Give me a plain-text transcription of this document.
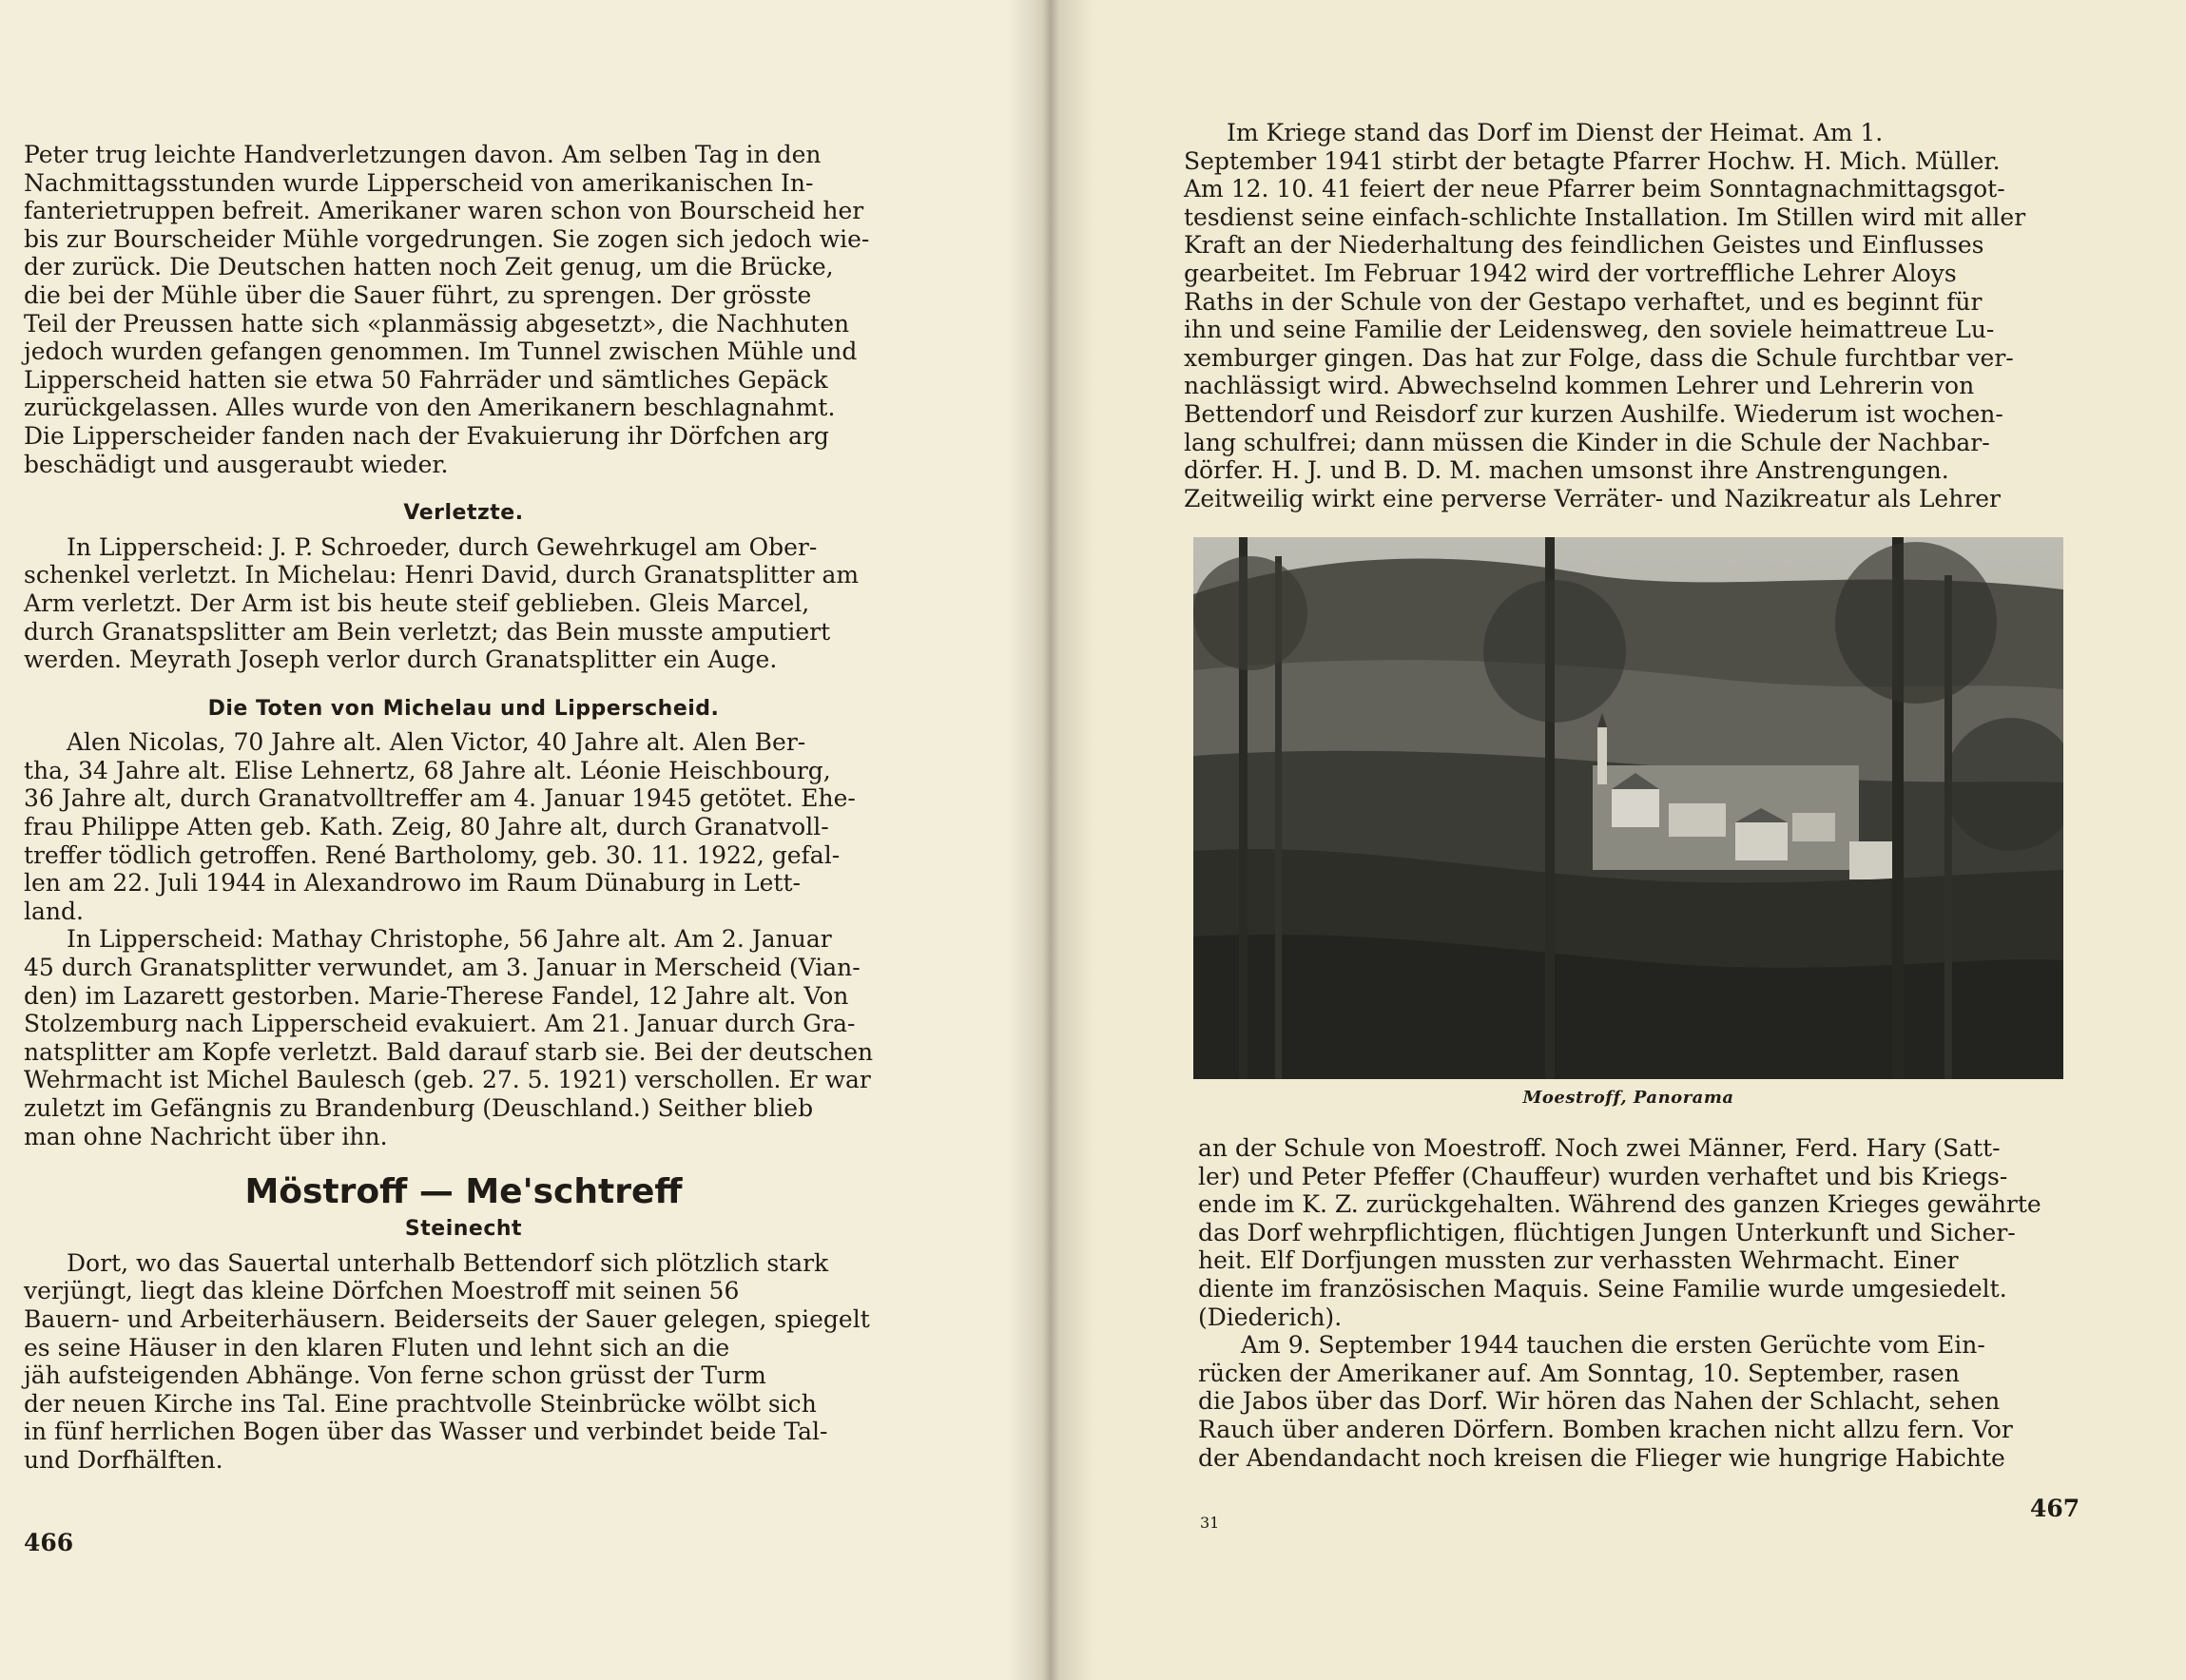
Peter trug leichte Handverletzungen davon. Am selben Tag in den
Nachmittagsstunden wurde Lipperscheid von amerikanischen In-
fanterietruppen befreit. Amerikaner waren schon von Bourscheid her
bis zur Bourscheider Mühle vorgedrungen. Sie zogen sich jedoch wie-
der zurück. Die Deutschen hatten noch Zeit genug, um die Brücke,
die bei der Mühle über die Sauer führt, zu sprengen. Der grösste
Teil der Preussen hatte sich «planmässig abgesetzt», die Nachhuten
jedoch wurden gefangen genommen. Im Tunnel zwischen Mühle und
Lipperscheid hatten sie etwa 50 Fahrräder und sämtliches Gepäck
zurückgelassen. Alles wurde von den Amerikanern beschlagnahmt.
Die Lipperscheider fanden nach der Evakuierung ihr Dörfchen arg
beschädigt und ausgeraubt wieder.

Verletzte.

In Lipperscheid: J. P. Schroeder, durch Gewehrkugel am Ober-
schenkel verletzt. In Michelau: Henri David, durch Granatsplitter am
Arm verletzt. Der Arm ist bis heute steif geblieben. Gleis Marcel,
durch Granatspslitter am Bein verletzt; das Bein musste amputiert
werden. Meyrath Joseph verlor durch Granatsplitter ein Auge.

Die Toten von Michelau und Lipperscheid.

Alen Nicolas, 70 Jahre alt. Alen Victor, 40 Jahre alt. Alen Ber-
tha, 34 Jahre alt. Elise Lehnertz, 68 Jahre alt. Léonie Heischbourg,
36 Jahre alt, durch Granatvolltreffer am 4. Januar 1945 getötet. Ehe-
frau Philippe Atten geb. Kath. Zeig, 80 Jahre alt, durch Granatvoll-
treffer tödlich getroffen. René Bartholomy, geb. 30. 11. 1922, gefal-
len am 22. Juli 1944 in Alexandrowo im Raum Dünaburg in Lett-
land.

In Lipperscheid: Mathay Christophe, 56 Jahre alt. Am 2. Januar
45 durch Granatsplitter verwundet, am 3. Januar in Merscheid (Vian-
den) im Lazarett gestorben. Marie-Therese Fandel, 12 Jahre alt. Von
Stolzemburg nach Lipperscheid evakuiert. Am 21. Januar durch Gra-
natsplitter am Kopfe verletzt. Bald darauf starb sie. Bei der deutschen
Wehrmacht ist Michel Baulesch (geb. 27. 5. 1921) verschollen. Er war
zuletzt im Gefängnis zu Brandenburg (Deuschland.) Seither blieb
man ohne Nachricht über ihn.

Möstroff — Me'schtreff
Steinecht

Dort, wo das Sauertal unterhalb Bettendorf sich plötzlich stark
verjüngt, liegt das kleine Dörfchen Moestroff mit seinen 56
Bauern- und Arbeiterhäusern. Beiderseits der Sauer gelegen, spiegelt
es seine Häuser in den klaren Fluten und lehnt sich an die
jäh aufsteigenden Abhänge. Von ferne schon grüsst der Turm
der neuen Kirche ins Tal. Eine prachtvolle Steinbrücke wölbt sich
in fünf herrlichen Bogen über das Wasser und verbindet beide Tal-
und Dorfhälften.

466

Im Kriege stand das Dorf im Dienst der Heimat. Am 1.
September 1941 stirbt der betagte Pfarrer Hochw. H. Mich. Müller.
Am 12. 10. 41 feiert der neue Pfarrer beim Sonntagnachmittagsgot-
tesdienst seine einfach-schlichte Installation. Im Stillen wird mit aller
Kraft an der Niederhaltung des feindlichen Geistes und Einflusses
gearbeitet. Im Februar 1942 wird der vortreffliche Lehrer Aloys
Raths in der Schule von der Gestapo verhaftet, und es beginnt für
ihn und seine Familie der Leidensweg, den soviele heimattreue Lu-
xemburger gingen. Das hat zur Folge, dass die Schule furchtbar ver-
nachlässigt wird. Abwechselnd kommen Lehrer und Lehrerin von
Bettendorf und Reisdorf zur kurzen Aushilfe. Wiederum ist wochen-
lang schulfrei; dann müssen die Kinder in die Schule der Nachbar-
dörfer. H. J. und B. D. M. machen umsonst ihre Anstrengungen.
Zeitweilig wirkt eine perverse Verräter- und Nazikreatur als Lehrer

an der Schule von Moestroff. Noch zwei Männer, Ferd. Hary (Satt-
ler) und Peter Pfeffer (Chauffeur) wurden verhaftet und bis Kriegs-
ende im K. Z. zurückgehalten. Während des ganzen Krieges gewährte
das Dorf wehrpflichtigen, flüchtigen Jungen Unterkunft und Sicher-
heit. Elf Dorfjungen mussten zur verhassten Wehrmacht. Einer
diente im französischen Maquis. Seine Familie wurde umgesiedelt.
(Diederich).

Am 9. September 1944 tauchen die ersten Gerüchte vom Ein-
rücken der Amerikaner auf. Am Sonntag, 10. September, rasen
die Jabos über das Dorf. Wir hören das Nahen der Schlacht, sehen
Rauch über anderen Dörfern. Bomben krachen nicht allzu fern. Vor
der Abendandacht noch kreisen die Flieger wie hungrige Habichte

31
467
Moestroff, Panorama
